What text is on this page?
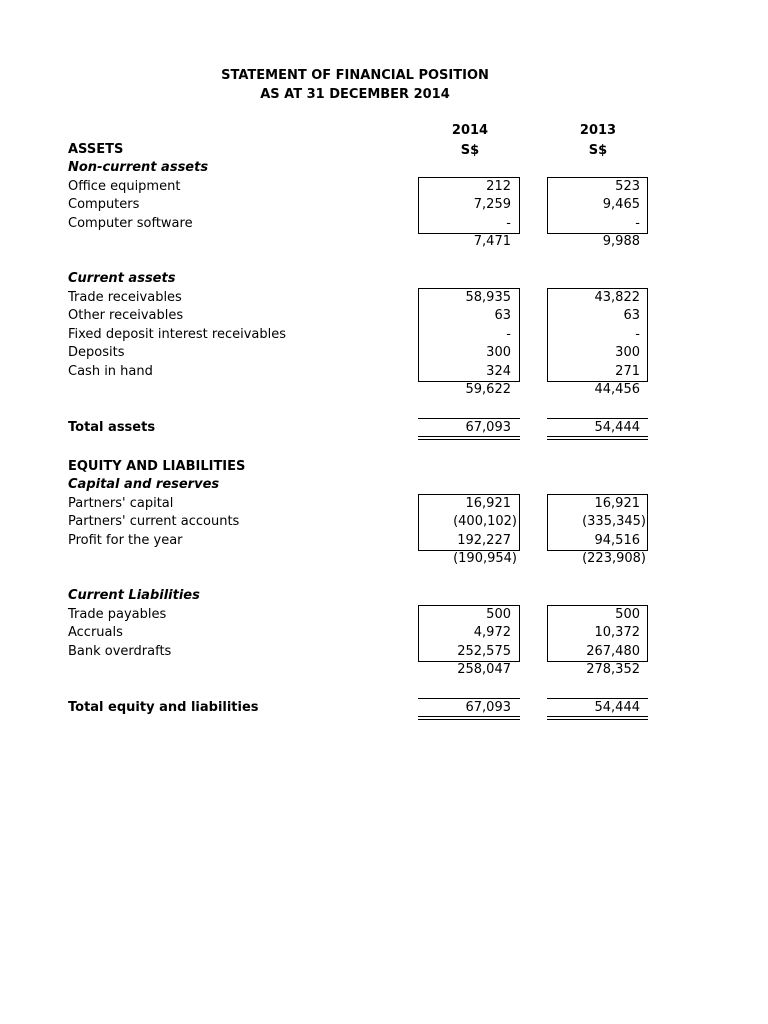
STATEMENT OF FINANCIAL POSITION
AS AT 31 DECEMBER 2014
2014	2013
S$	S$
ASSETS
Non-current assets
Office equipment	212	523
Computers	7,259	9,465
Computer software	-	-
7,471	9,988
Current assets
Trade receivables	58,935	43,822
Other receivables	63	63
Fixed deposit interest receivables	-	-
Deposits	300	300
Cash in hand	324	271
59,622	44,456
Total assets	67,093	54,444
EQUITY AND LIABILITIES
Capital and reserves
Partners' capital	16,921	16,921
Partners' current accounts	(400,102)	(335,345)
Profit for the year	192,227	94,516
(190,954)	(223,908)
Current Liabilities
Trade payables	500	500
Accruals	4,972	10,372
Bank overdrafts	252,575	267,480
258,047	278,352
Total equity and liabilities	67,093	54,444
